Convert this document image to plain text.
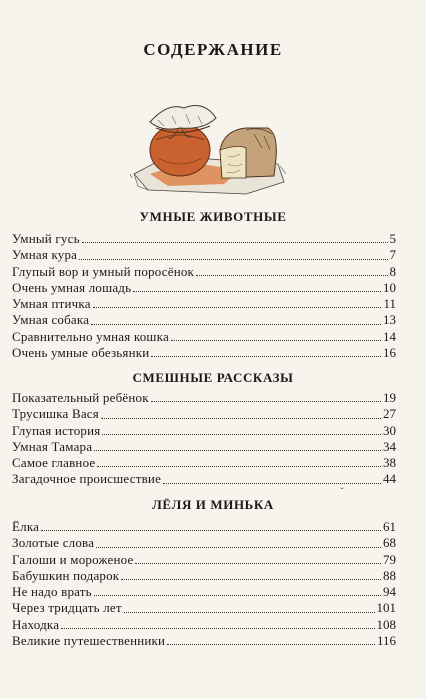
СОДЕРЖАНИЕ
УМНЫЕ ЖИВОТНЫЕ
Умный гусь	5
Умная кура	7
Глупый вор и умный поросёнок	8
Очень умная лошадь	10
Умная птичка	11
Умная собака	13
Сравнительно умная кошка	14
Очень умные обезьянки	16
СМЕШНЫЕ РАССКАЗЫ
Показательный ребёнок	19
Трусишка Вася	27
Глупая история	30
Умная Тамара	34
Самое главное	38
Загадочное происшествие	44
ˇ
ЛЁЛЯ И МИНЬКА
Ёлка	61
Золотые слова	68
Галоши и мороженое	79
Бабушкин подарок	88
Не надо врать	94
Через тридцать лет	101
Находка	108
Великие путешественники	116
